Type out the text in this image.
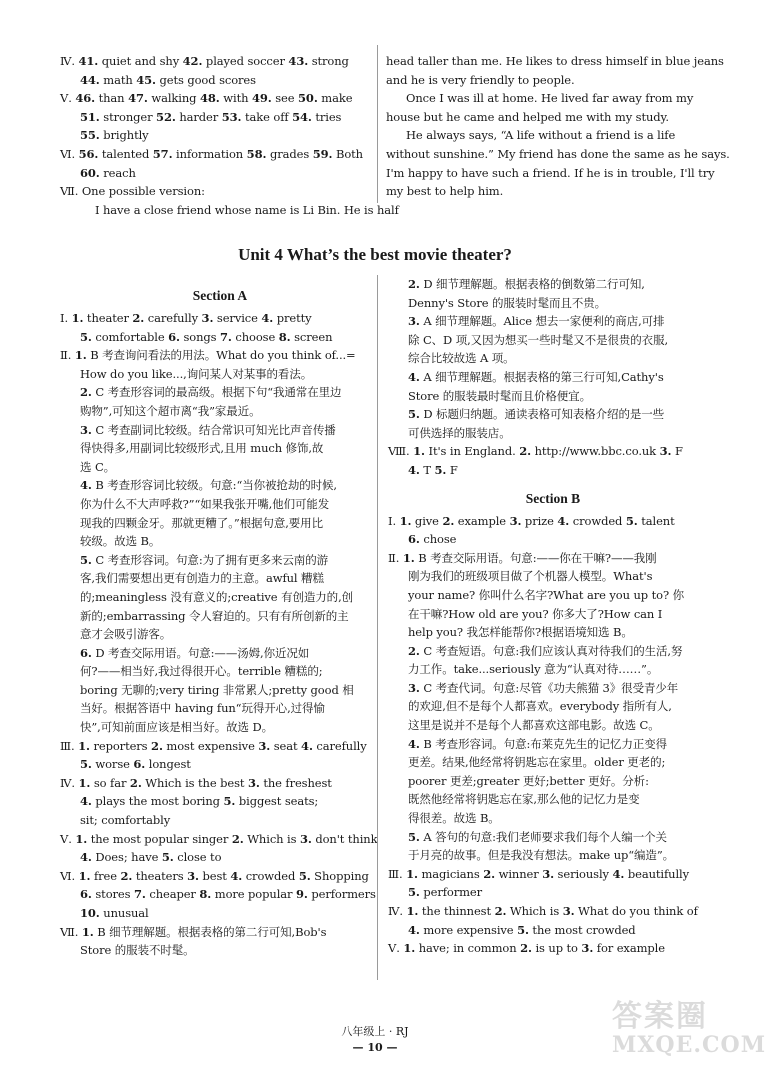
Ⅳ. 41. quiet and shy 42. played soccer 43. strong
44. math 45. gets good scores
Ⅴ. 46. than 47. walking 48. with 49. see 50. make
51. stronger 52. harder 53. take off 54. tries
55. brightly
Ⅵ. 56. talented 57. information 58. grades 59. Both
60. reach
Ⅶ. One possible version:
I have a close friend whose name is Li Bin. He is half
head taller than me. He likes to dress himself in blue jeans
and he is very friendly to people.
Once I was ill at home. He lived far away from my
house but he came and helped me with my study.
He always says, “A life without a friend is a life
without sunshine.” My friend has done the same as he says.
I'm happy to have such a friend. If he is in trouble, I'll try
my best to help him.
Unit 4 What’s the best movie theater?
Section A
Ⅰ. 1. theater 2. carefully 3. service 4. pretty
5. comfortable 6. songs 7. choose 8. screen
Ⅱ. 1. B 考查询问看法的用法。What do you think of...=
How do you like...,询问某人对某事的看法。
2. C 考查形容词的最高级。根据下句“我通常在里边
购物”,可知这个超市离“我”家最近。
3. C 考查副词比较级。结合常识可知光比声音传播
得快得多,用副词比较级形式,且用 much 修饰,故
选 C。
4. B 考查形容词比较级。句意:“当你被抢劫的时候,
你为什么不大声呼救?”“如果我张开嘴,他们可能发
现我的四颗金牙。那就更糟了。”根据句意,要用比
较级。故选 B。
5. C 考查形容词。句意:为了拥有更多来云南的游
客,我们需要想出更有创造力的主意。awful 糟糕
的;meaningless 没有意义的;creative 有创造力的,创
新的;embarrassing 令人窘迫的。只有有所创新的主
意才会吸引游客。
6. D 考查交际用语。句意:——汤姆,你近况如
何?——相当好,我过得很开心。terrible 糟糕的;
boring 无聊的;very tiring 非常累人;pretty good 相
当好。根据答语中 having fun“玩得开心,过得愉
快”,可知前面应该是相当好。故选 D。
Ⅲ. 1. reporters 2. most expensive 3. seat 4. carefully
5. worse 6. longest
Ⅳ. 1. so far 2. Which is the best 3. the freshest
4. plays the most boring 5. biggest seats;
sit; comfortably
Ⅴ. 1. the most popular singer 2. Which is 3. don't think
4. Does; have 5. close to
Ⅵ. 1. free 2. theaters 3. best 4. crowded 5. Shopping
6. stores 7. cheaper 8. more popular 9. performers
10. unusual
Ⅶ. 1. B 细节理解题。根据表格的第二行可知,Bob's
Store 的服装不时髦。
2. D 细节理解题。根据表格的倒数第二行可知,
Denny's Store 的服装时髦而且不贵。
3. A 细节理解题。Alice 想去一家便利的商店,可排
除 C、D 项,又因为想买一些时髦又不是很贵的衣服,
综合比较故选 A 项。
4. A 细节理解题。根据表格的第三行可知,Cathy's
Store 的服装最时髦而且价格便宜。
5. D 标题归纳题。通读表格可知表格介绍的是一些
可供选择的服装店。
Ⅷ. 1. It's in England. 2. http://www.bbc.co.uk 3. F
4. T 5. F
Section B
Ⅰ. 1. give 2. example 3. prize 4. crowded 5. talent
6. chose
Ⅱ. 1. B 考查交际用语。句意:——你在干嘛?——我刚
刚为我们的班级项目做了个机器人模型。What's
your name? 你叫什么名字?What are you up to? 你
在干嘛?How old are you? 你多大了?How can I
help you? 我怎样能帮你?根据语境知选 B。
2. C 考查短语。句意:我们应该认真对待我们的生活,努
力工作。take...seriously 意为“认真对待……”。
3. C 考查代词。句意:尽管《功夫熊猫 3》很受青少年
的欢迎,但不是每个人都喜欢。everybody 指所有人,
这里是说并不是每个人都喜欢这部电影。故选 C。
4. B 考查形容词。句意:布莱克先生的记忆力正变得
更差。结果,他经常将钥匙忘在家里。older 更老的;
poorer 更差;greater 更好;better 更好。分析:
既然他经常将钥匙忘在家,那么他的记忆力是变
得很差。故选 B。
5. A 答句的句意:我们老师要求我们每个人编一个关
于月亮的故事。但是我没有想法。make up“编造”。
Ⅲ. 1. magicians 2. winner 3. seriously 4. beautifully
5. performer
Ⅳ. 1. the thinnest 2. Which is 3. What do you think of
4. more expensive 5. the most crowded
Ⅴ. 1. have; in common 2. is up to 3. for example
八年级上 · RJ
— 10 —
答案圈
MXQE.COM
